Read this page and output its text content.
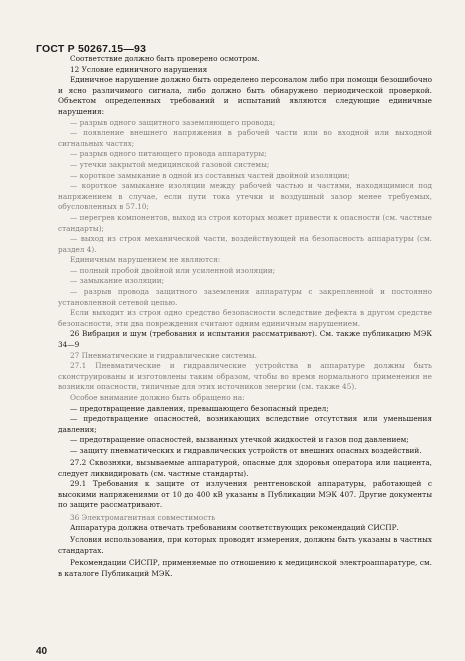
ГОСТ Р 50267.15—93

Соответствие должно быть проверено осмотром.

12 Условие единичного нарушения

Единичное нарушение должно быть определено персоналом либо при помощи безошибочно и ясно различимого сигнала, либо должно быть обнаружено периодической проверкой. Объектом определенных требований и испытаний являются следующие единичные нарушения:

— разрыв одного защитного заземляющего провода;

— появление внешнего напряжения в рабочей части или во входной или выходной сигнальных частях;

— разрыв одного питающего провода аппаратуры;

— утечки закрытой медицинской газовой системы;

— короткое замыкание в одной из составных частей двойной изоляции;

— короткое замыкание изоляции между рабочей частью и частями, находящимися под напряжением в случае, если пути тока утечки и воздушный зазор менее требуемых, обусловленных в 57.10;

— перегрев компонентов, выход из строя которых может привести к опасности (см. частные стандарты);

— выход из строя механической части, воздействующей на безопасность аппаратуры (см. раздел 4).

Единичным нарушением не являются:

— полный пробой двойной или усиленной изоляции;

— замыкание изоляции;

— разрыв провода защитного заземления аппаратуры с закрепленной и постоянно установленной сетевой цепью.

Если выходит из строя одно средство безопасности вследствие дефекта в другом средстве безопасности, эти два повреждения считают одним единичным нарушением.

26 Вибрация и шум (требования и испытания рассматривают). См. также публикацию МЭК 34—9

27 Пневматические и гидравлические системы.

27.1 Пневматические и гидравлические устройства в аппаратуре должны быть сконструированы и изготовлены таким образом, чтобы во время нормального применения не возникли опасности, типичные для этих источников энергии (см. также 45).

Особое внимание должно быть обращено на:

— предотвращение давления, превышающего безопасный предел;

— предотвращение опасностей, возникающих вследствие отсутствия или уменьшения давления;

— предотвращение опасностей, вызванных утечкой жидкостей и газов под давлением;

— защиту пневматических и гидравлических устройств от внешних опасных воздействий.

27.2 Сквозняки, вызываемые аппаратурой, опасные для здоровья оператора или пациента, следует ликвидировать (см. частные стандарты).

29.1 Требования к защите от излучения рентгеновской аппаратуры, работающей с высокими напряжениями от 10 до 400 кВ указаны в Публикации МЭК 407. Другие документы по защите рассматривают.

36 Электромагнитная совместимость

Аппаратура должна отвечать требованиям соответствующих рекомендаций СИСПР.

Условия использования, при которых проводят измерения, должны быть указаны в частных стандартах.

Рекомендации СИСПР, применяемые по отношению к медицинской электроаппаратуре, см. в каталоге Публикаций МЭК.

40
